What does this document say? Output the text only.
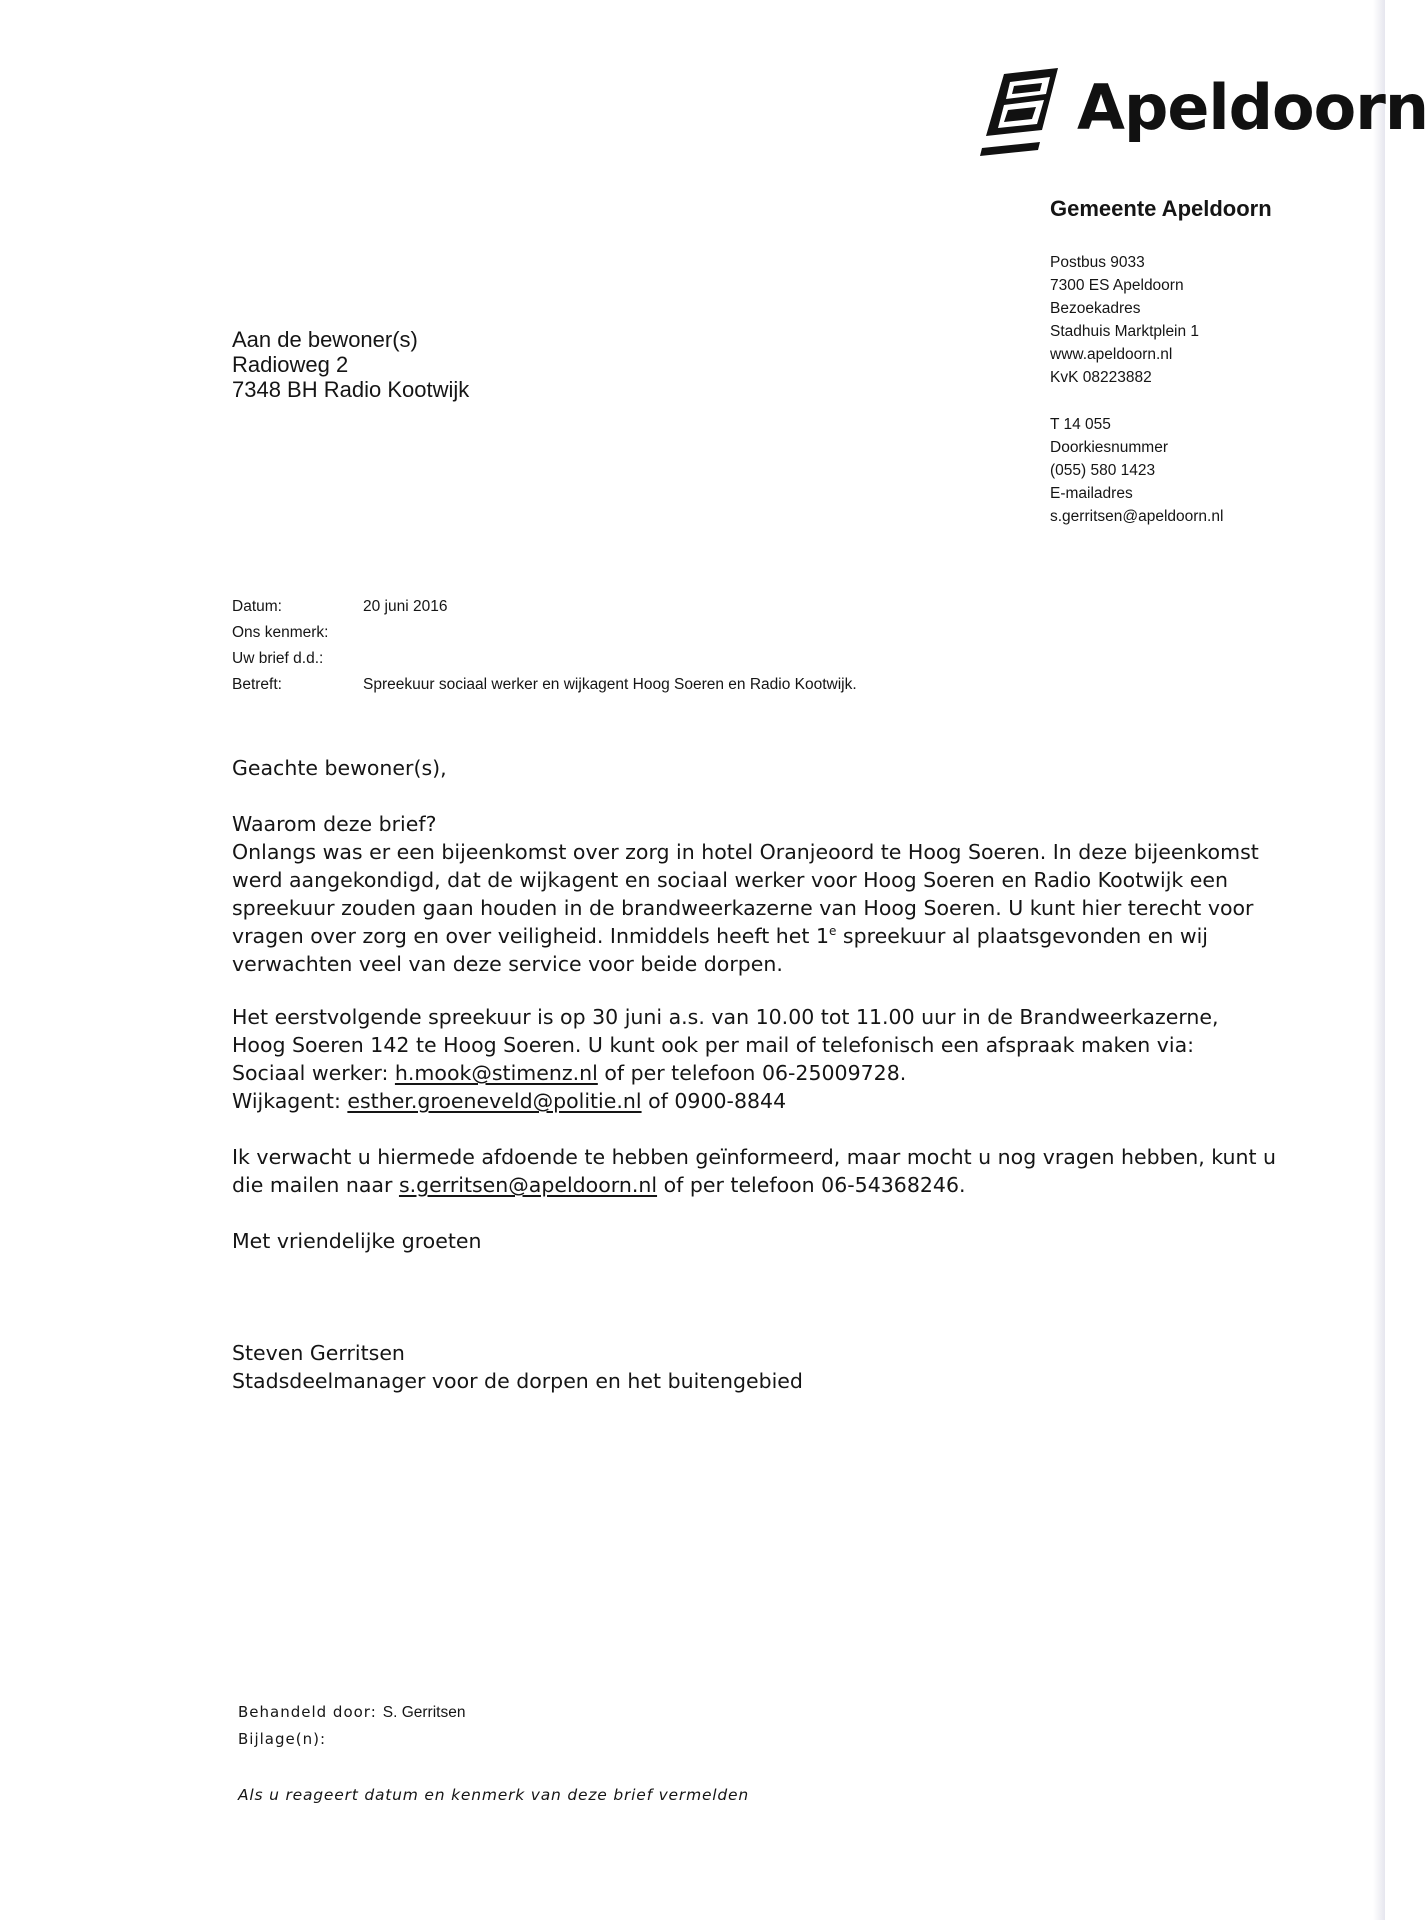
Apeldoorn
Gemeente Apeldoorn
Postbus 9033
7300 ES Apeldoorn
Bezoekadres
Stadhuis Marktplein 1
www.apeldoorn.nl
KvK 08223882
T 14 055
Doorkiesnummer
(055) 580 1423
E-mailadres
s.gerritsen@apeldoorn.nl
Aan de bewoner(s)
Radioweg 2
7348 BH Radio Kootwijk
Datum:	20 juni 2016
Ons kenmerk:
Uw brief d.d.:
Betreft:	Spreekuur sociaal werker en wijkagent Hoog Soeren en Radio Kootwijk.
Geachte bewoner(s),
Waarom deze brief?
Onlangs was er een bijeenkomst over zorg in hotel Oranjeoord te Hoog Soeren. In deze bijeenkomst
werd aangekondigd, dat de wijkagent en sociaal werker voor Hoog Soeren en Radio Kootwijk een
spreekuur zouden gaan houden in de brandweerkazerne van Hoog Soeren. U kunt hier terecht voor
vragen over zorg en over veiligheid. Inmiddels heeft het 1e spreekuur al plaatsgevonden en wij
verwachten veel van deze service voor beide dorpen.
Het eerstvolgende spreekuur is op 30 juni a.s. van 10.00 tot 11.00 uur in de Brandweerkazerne,
Hoog Soeren 142 te Hoog Soeren. U kunt ook per mail of telefonisch een afspraak maken via:
Sociaal werker: h.mook@stimenz.nl of per telefoon 06-25009728.
Wijkagent: esther.groeneveld@politie.nl of 0900-8844
Ik verwacht u hiermede afdoende te hebben geïnformeerd, maar mocht u nog vragen hebben, kunt u
die mailen naar s.gerritsen@apeldoorn.nl of per telefoon 06-54368246.
Met vriendelijke groeten
Steven Gerritsen
Stadsdeelmanager voor de dorpen en het buitengebied
Behandeld door: S. Gerritsen
Bijlage(n):
Als u reageert datum en kenmerk van deze brief vermelden
